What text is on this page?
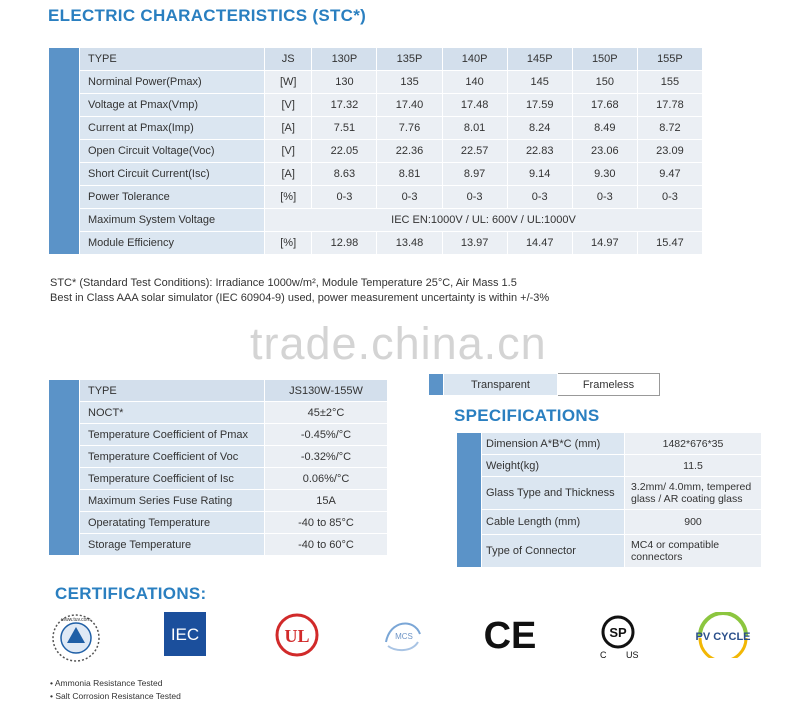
ELECTRIC CHARACTERISTICS (STC*)
	TYPE	JS	130P	135P	140P	145P	150P	155P
	Norminal Power(Pmax)	[W]	130	135	140	145	150	155
	Voltage at Pmax(Vmp)	[V]	17.32	17.40	17.48	17.59	17.68	17.78
	Current at Pmax(Imp)	[A]	7.51	7.76	8.01	8.24	8.49	8.72
	Open Circuit Voltage(Voc)	[V]	22.05	22.36	22.57	22.83	23.06	23.09
	Short Circuit Current(Isc)	[A]	8.63	8.81	8.97	9.14	9.30	9.47
	Power Tolerance	[%]	0-3	0-3	0-3	0-3	0-3	0-3
	Maximum System Voltage	IEC EN:1000V / UL: 600V / UL:1000V						
	Module Efficiency	[%]	12.98	13.48	13.97	14.47	14.97	15.47
STC* (Standard Test Conditions): Irradiance 1000w/m², Module Temperature 25°C, Air Mass 1.5
Best in Class AAA solar simulator (IEC 60904-9) used, power measurement uncertainty is within +/-3%
trade.china.cn
	TYPE	JS130W-155W
	NOCT*	45±2°C
	Temperature Coefficient of Pmax	-0.45%/°C
	Temperature Coefficient of Voc	-0.32%/°C
	Temperature Coefficient of Isc	0.06%/°C
	Maximum Series Fuse Rating	15A
	Operatating Temperature	-40 to 85°C
	Storage Temperature	-40 to 60°C
	Transparent	Frameless
SPECIFICATIONS
	Dimension A*B*C (mm)	1482*676*35
	Weight(kg)	11.5
	Glass Type and Thickness	3.2mm/ 4.0mm, tempered glass / AR coating glass
	Cable Length (mm)	900
	Type of Connector	MC4 or compatible connectors
CERTIFICATIONS:
www.tuv.com
IEC	UL	MCS CE	SP
C US
PV CYCLE
• Ammonia Resistance Tested
• Salt Corrosion Resistance Tested
